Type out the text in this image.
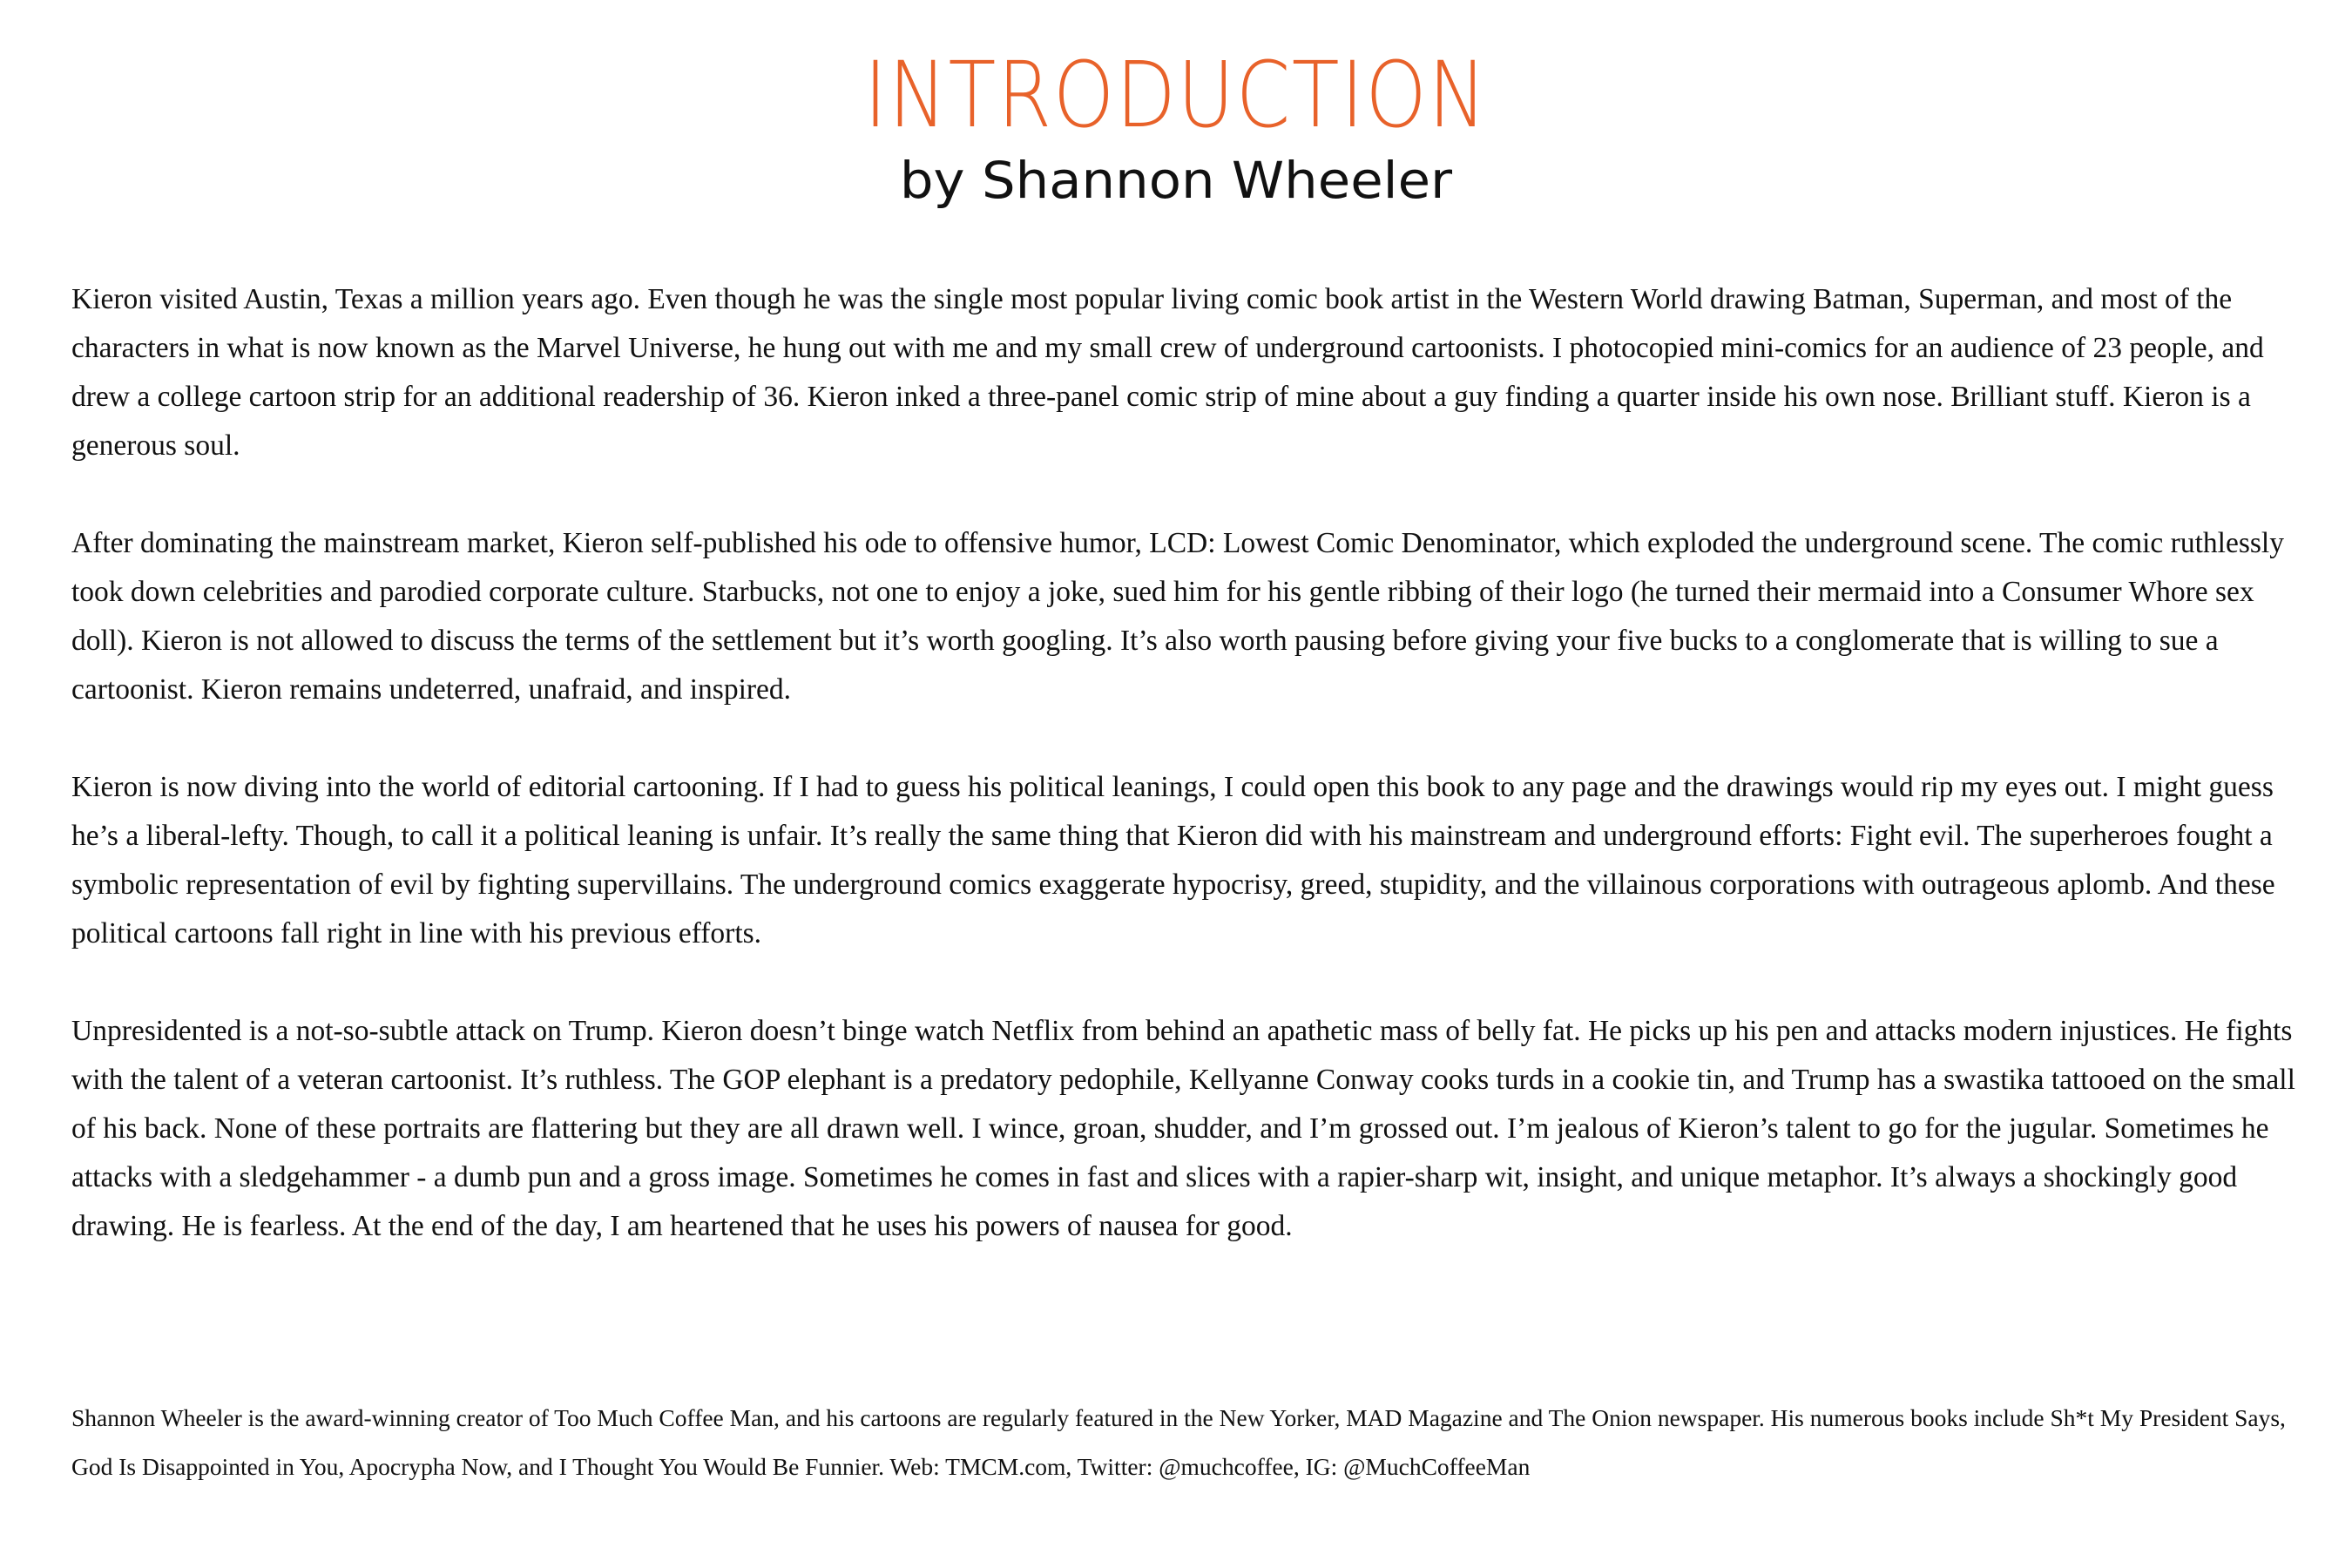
INTRODUCTION
by Shannon Wheeler

Kieron visited Austin, Texas a million years ago. Even though he was the single most popular living comic book artist in the Western World drawing Batman, Superman, and most of the characters in what is now known as the Marvel Universe, he hung out with me and my small crew of underground cartoonists. I photocopied mini-comics for an audience of 23 people, and drew a college cartoon strip for an additional readership of 36. Kieron inked a three-panel comic strip of mine about a guy finding a quarter inside his own nose. Brilliant stuff. Kieron is a generous soul.

After dominating the mainstream market, Kieron self-published his ode to offensive humor, LCD: Lowest Comic Denominator, which exploded the underground scene. The comic ruthlessly took down celebrities and parodied corporate culture. Starbucks, not one to enjoy a joke, sued him for his gentle ribbing of their logo (he turned their mermaid into a Consumer Whore sex doll). Kieron is not allowed to discuss the terms of the settlement but it’s worth googling. It’s also worth pausing before giving your five bucks to a conglomerate that is willing to sue a cartoonist. Kieron remains undeterred, unafraid, and inspired.

Kieron is now diving into the world of editorial cartooning. If I had to guess his political leanings, I could open this book to any page and the drawings would rip my eyes out. I might guess he’s a liberal-lefty. Though, to call it a political leaning is unfair. It’s really the same thing that Kieron did with his mainstream and underground efforts: Fight evil. The superheroes fought a symbolic representation of evil by fighting supervillains. The underground comics exaggerate hypocrisy, greed, stupidity, and the villainous corporations with outrageous aplomb. And these political cartoons fall right in line with his previous efforts.

Unpresidented is a not-so-subtle attack on Trump. Kieron doesn’t binge watch Netflix from behind an apathetic mass of belly fat. He picks up his pen and attacks modern injustices. He fights with the talent of a veteran cartoonist. It’s ruthless. The GOP elephant is a predatory pedophile, Kellyanne Conway cooks turds in a cookie tin, and Trump has a swastika tattooed on the small of his back. None of these portraits are flattering but they are all drawn well. I wince, groan, shudder, and I’m grossed out. I’m jealous of Kieron’s talent to go for the jugular. Sometimes he attacks with a sledgehammer - a dumb pun and a gross image. Sometimes he comes in fast and slices with a rapier-sharp wit, insight, and unique metaphor. It’s always a shockingly good drawing. He is fearless. At the end of the day, I am heartened that he uses his powers of nausea for good.

Shannon Wheeler is the award-winning creator of Too Much Coffee Man, and his cartoons are regularly featured in the New Yorker, MAD Magazine and The Onion newspaper. His numerous books include Sh*t My President Says, God Is Disappointed in You, Apocrypha Now, and I Thought You Would Be Funnier. Web: TMCM.com, Twitter: @muchcoffee, IG: @MuchCoffeeMan
